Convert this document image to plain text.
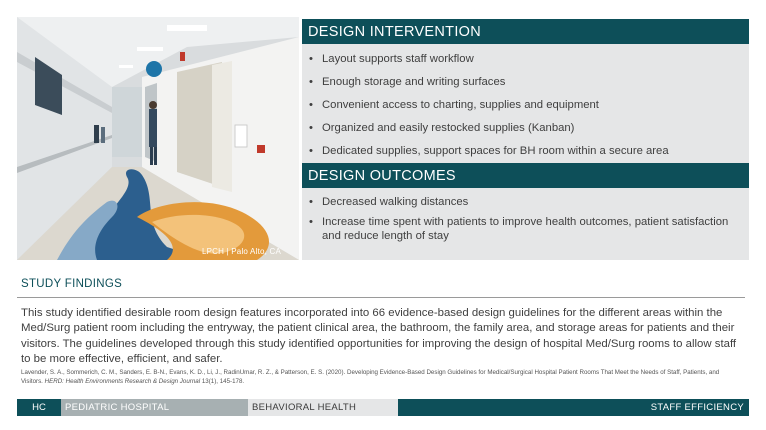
LPCH | Palo Alto, CA
DESIGN INTERVENTION
• Layout supports staff workflow
• Enough storage and writing surfaces
• Convenient access to charting, supplies and equipment
• Organized and easily restocked supplies (Kanban)
• Dedicated supplies, support spaces for BH room within a secure area
DESIGN OUTCOMES
• Decreased walking distances
• Increase time spent with patients to improve health outcomes, patient satisfaction and reduce length of stay
STUDY FINDINGS

This study identified desirable room design features incorporated into 66 evidence-based design guidelines for the different areas within the Med/Surg patient room including the entryway, the patient clinical area, the bathroom, the family area, and storage areas for patients and their visitors. The guidelines developed through this study identified opportunities for improving the design of hospital Med/Surg rooms to allow staff to be more effective, efficient, and safer.

Lavender, S. A., Sommerich, C. M., Sanders, E. B-N., Evans, K. D., Li, J., RadinUmar, R. Z., & Patterson, E. S. (2020). Developing Evidence-Based Design Guidelines for Medical/Surgical Hospital Patient Rooms That Meet the Needs of Staff, Patients, and Visitors. HERD: Health Environments Research & Design Journal 13(1), 145-178.

HC	PEDIATRIC HOSPITAL	BEHAVIORAL HEALTH	STAFF EFFICIENCY
